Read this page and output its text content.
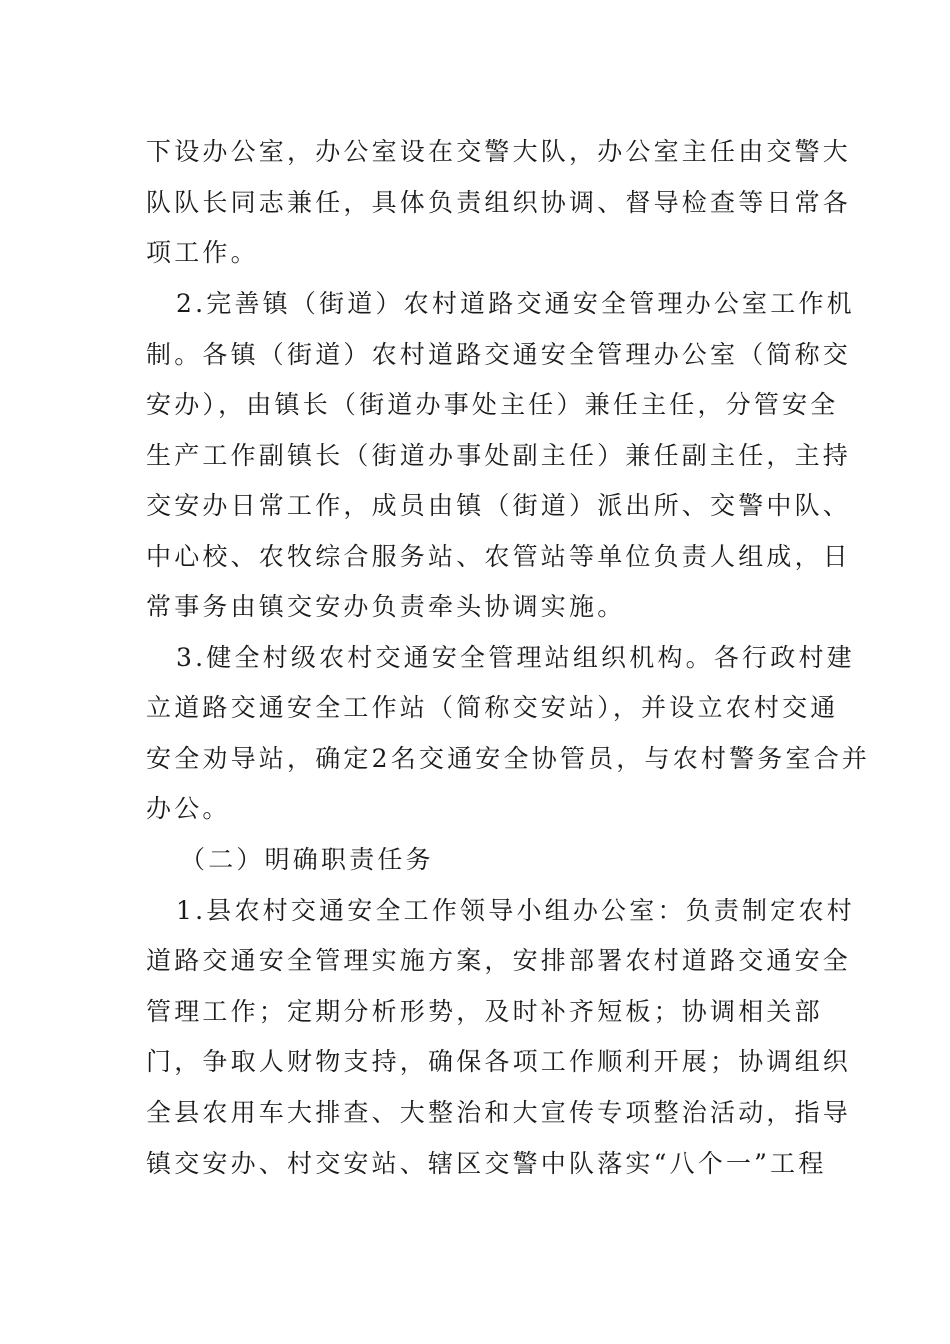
下设办公室，办公室设在交警大队，办公室主任由交警大
队队长同志兼任，具体负责组织协调、督导检查等日常各
项工作。
2.完善镇（街道）农村道路交通安全管理办公室工作机
制。各镇（街道）农村道路交通安全管理办公室（简称交
安办），由镇长（街道办事处主任）兼任主任，分管安全
生产工作副镇长（街道办事处副主任）兼任副主任，主持
交安办日常工作，成员由镇（街道）派出所、交警中队、
中心校、农牧综合服务站、农管站等单位负责人组成，日
常事务由镇交安办负责牵头协调实施。
3.健全村级农村交通安全管理站组织机构。各行政村建
立道路交通安全工作站（简称交安站），并设立农村交通
安全劝导站，确定2名交通安全协管员，与农村警务室合并
办公。
（二）明确职责任务
1.县农村交通安全工作领导小组办公室：负责制定农村
道路交通安全管理实施方案，安排部署农村道路交通安全
管理工作；定期分析形势，及时补齐短板；协调相关部
门，争取人财物支持，确保各项工作顺利开展；协调组织
全县农用车大排查、大整治和大宣传专项整治活动，指导
镇交安办、村交安站、辖区交警中队落实“八个一”工程
